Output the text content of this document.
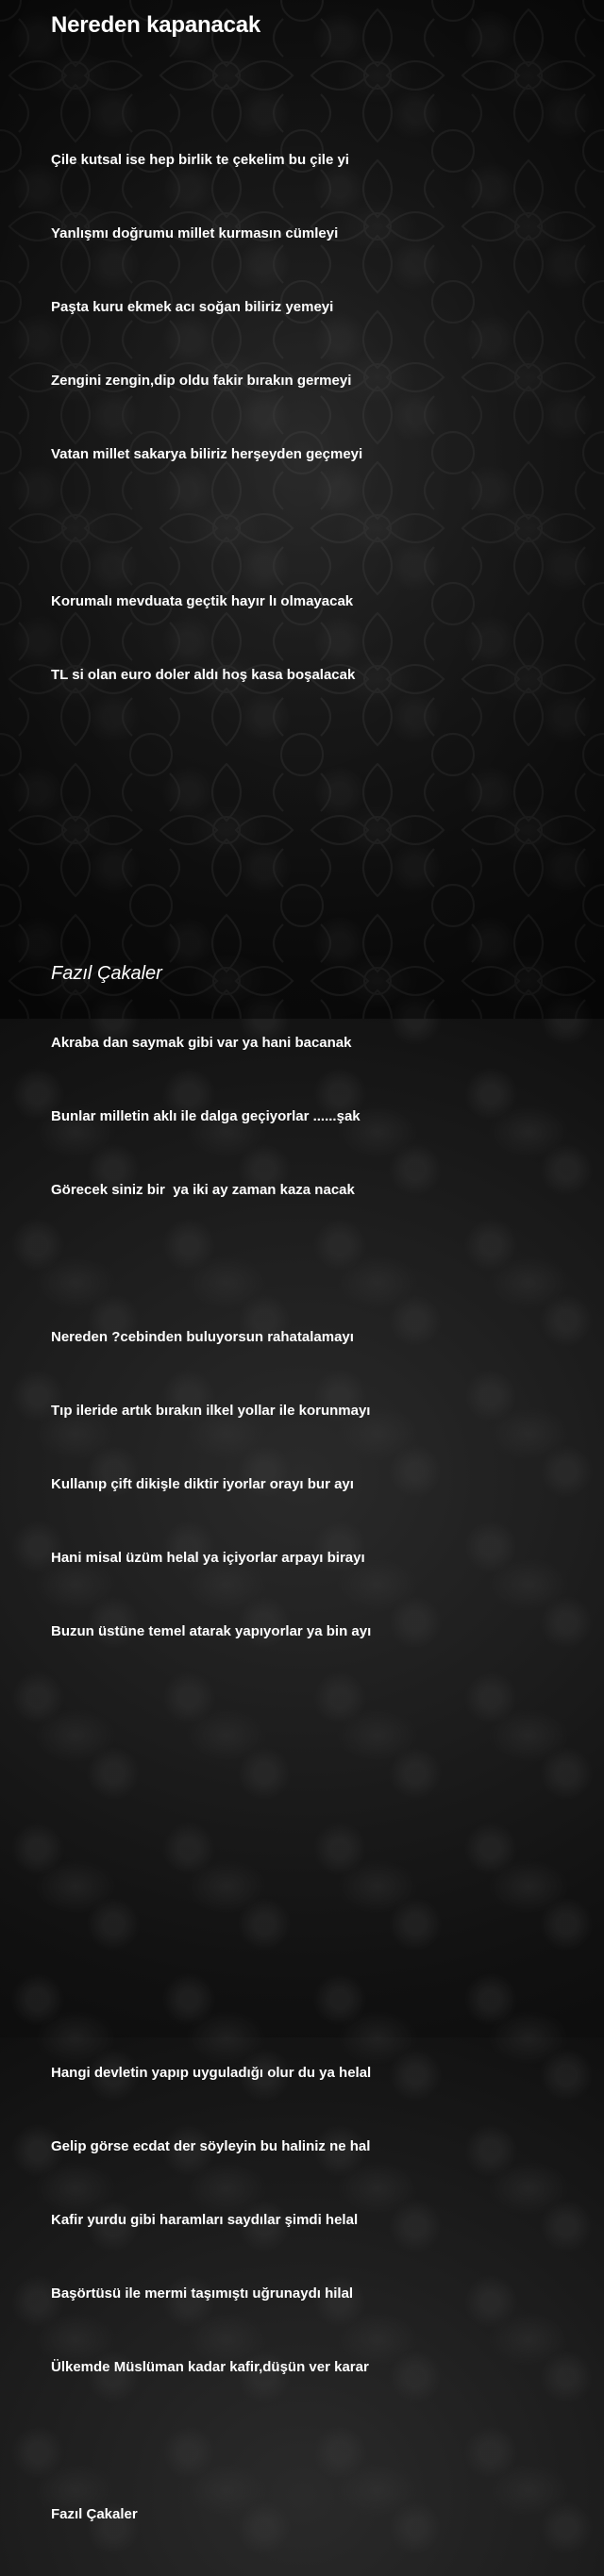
Nereden kapanacak

Çile kutsal ise hep birlik te çekelim bu çile yi

Yanlışmı doğrumu millet kurmasın cümleyi

Paşta kuru ekmek acı soğan biliriz yemeyi

Zengini zengin,dip oldu fakir bırakın germeyi

Vatan millet sakarya biliriz herşeyden geçmeyi

Korumalı mevduata geçtik hayır lı olmayacak

TL si olan euro doler aldı hoş kasa boşalacak

Akraba dan saymak gibi var ya hani bacanak

Bunlar milletin aklı ile dalga geçiyorlar ......şak

Görecek siniz bir  ya iki ay zaman kaza nacak

Nereden ?cebinden buluyorsun rahatalamayı

Tıp ileride artık bırakın ilkel yollar ile korunmayı

Kullanıp çift dikişle diktir iyorlar orayı bur ayı

Hani misal üzüm helal ya içiyorlar arpayı birayı

Buzun üstüne temel atarak yapıyorlar ya bin ayı

Hangi devletin yapıp uyguladığı olur du ya helal

Gelip görse ecdat der söyleyin bu haliniz ne hal

Kafir yurdu gibi haramları saydılar şimdi helal

Başörtüsü ile mermi taşımıştı uğrunaydı hilal

Ülkemde Müslüman kadar kafir,düşün ver karar

Fazıl Çakaler

Fazıl Çakaler
